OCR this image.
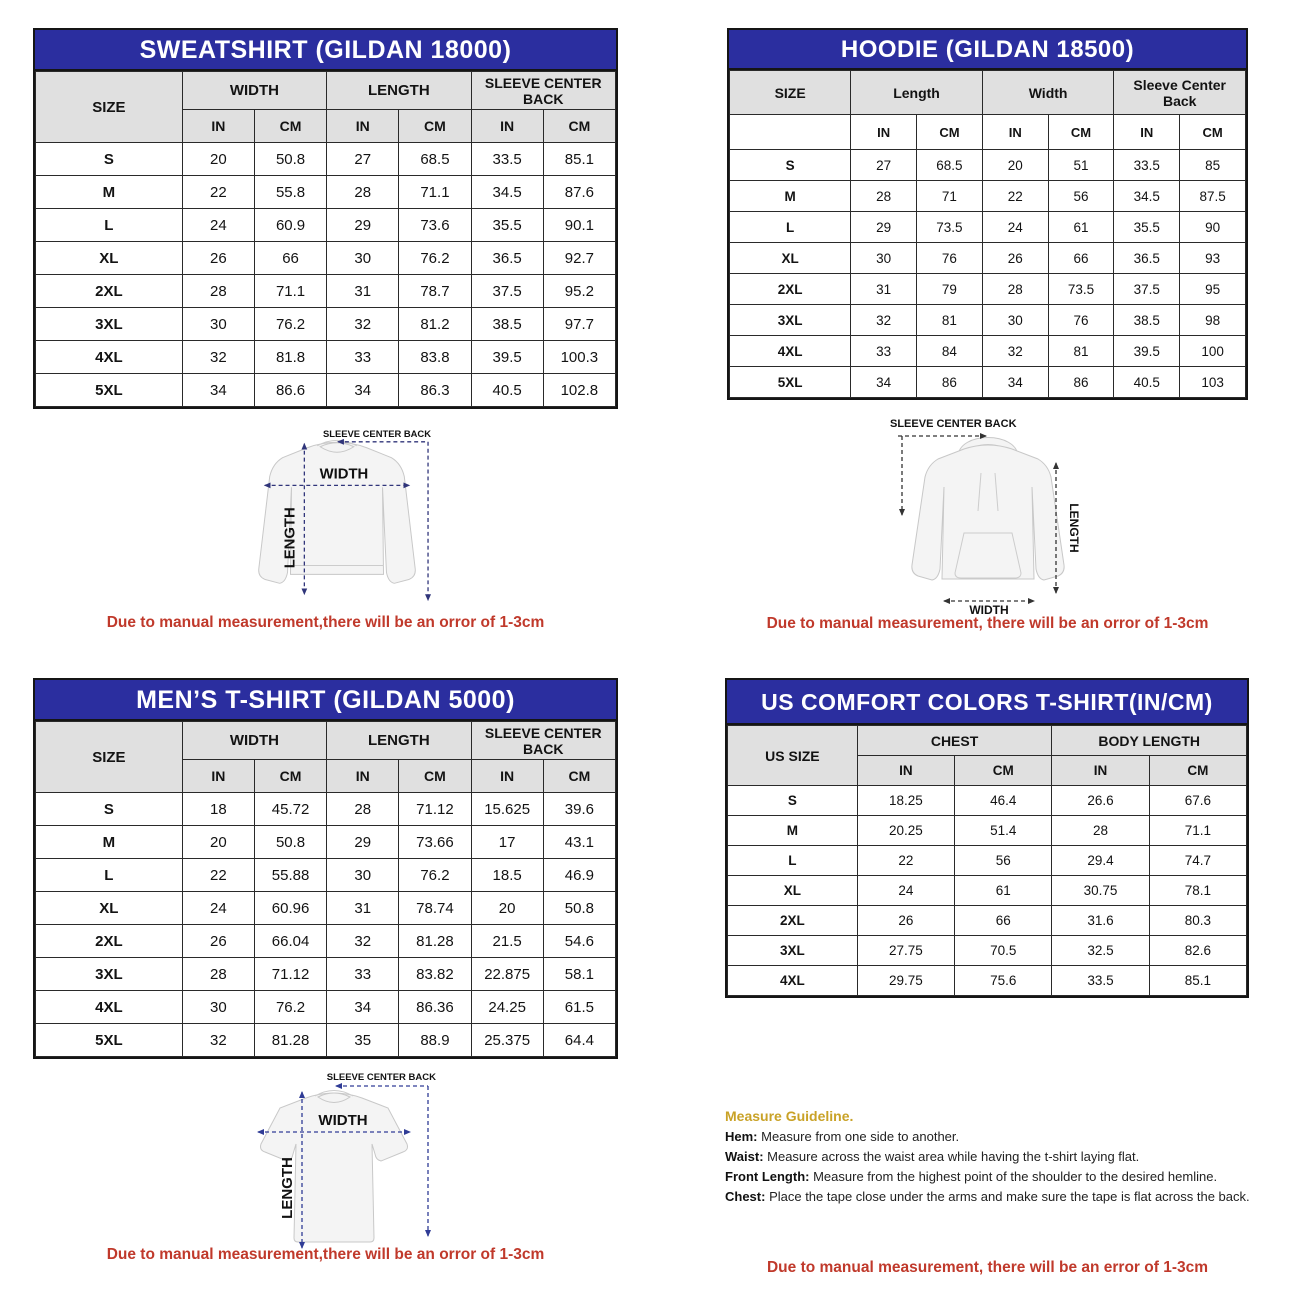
SWEATSHIRT (GILDAN 18000)
SIZE	WIDTH		LENGTH		SLEEVE CENTER BACK	
	IN	CM	IN	CM	IN	CM
S	20	50.8	27	68.5	33.5	85.1
M	22	55.8	28	71.1	34.5	87.6
L	24	60.9	29	73.6	35.5	90.1
XL	26	66	30	76.2	36.5	92.7
2XL	28	71.1	31	78.7	37.5	95.2
3XL	30	76.2	32	81.2	38.5	97.7
4XL	32	81.8	33	83.8	39.5	100.3
5XL	34	86.6	34	86.3	40.5	102.8
HOODIE (GILDAN 18500)
SIZE	Length		Width		Sleeve Center Back	
	IN	CM	IN	CM	IN	CM
S	27	68.5	20	51	33.5	85
M	28	71	22	56	34.5	87.5
L	29	73.5	24	61	35.5	90
XL	30	76	26	66	36.5	93
2XL	31	79	28	73.5	37.5	95
3XL	32	81	30	76	38.5	98
4XL	33	84	32	81	39.5	100
5XL	34	86	34	86	40.5	103
SLEEVE CENTER BACK
WIDTH
LENGTH
SLEEVE CENTER BACK
LENGTH
WIDTH
Due to manual measurement,there will be an orror of 1-3cm	Due to manual measurement, there will be an orror of 1-3cm
MEN’S T-SHIRT (GILDAN 5000)
SIZE	WIDTH		LENGTH		SLEEVE CENTER BACK	
	IN	CM	IN	CM	IN	CM
S	18	45.72	28	71.12	15.625	39.6
M	20	50.8	29	73.66	17	43.1
L	22	55.88	30	76.2	18.5	46.9
XL	24	60.96	31	78.74	20	50.8
2XL	26	66.04	32	81.28	21.5	54.6
3XL	28	71.12	33	83.82	22.875	58.1
4XL	30	76.2	34	86.36	24.25	61.5
5XL	32	81.28	35	88.9	25.375	64.4
US COMFORT COLORS T-SHIRT(IN/CM)
US SIZE	CHEST		BODY LENGTH	
	IN	CM	IN	CM
S	18.25	46.4	26.6	67.6
M	20.25	51.4	28	71.1
L	22	56	29.4	74.7
XL	24	61	30.75	78.1
2XL	26	66	31.6	80.3
3XL	27.75	70.5	32.5	82.6
4XL	29.75	75.6	33.5	85.1
SLEEVE CENTER BACK
WIDTH
LENGTH
Measure Guideline.
Hem: Measure from one side to another.
Waist: Measure across the waist area while having the t-shirt laying flat.
Front Length: Measure from the highest point of the shoulder to the desired hemline.
Chest: Place the tape close under the arms and make sure the tape is flat across the back.
Due to manual measurement,there will be an orror of 1-3cm
Due to manual measurement, there will be an error of 1-3cm
